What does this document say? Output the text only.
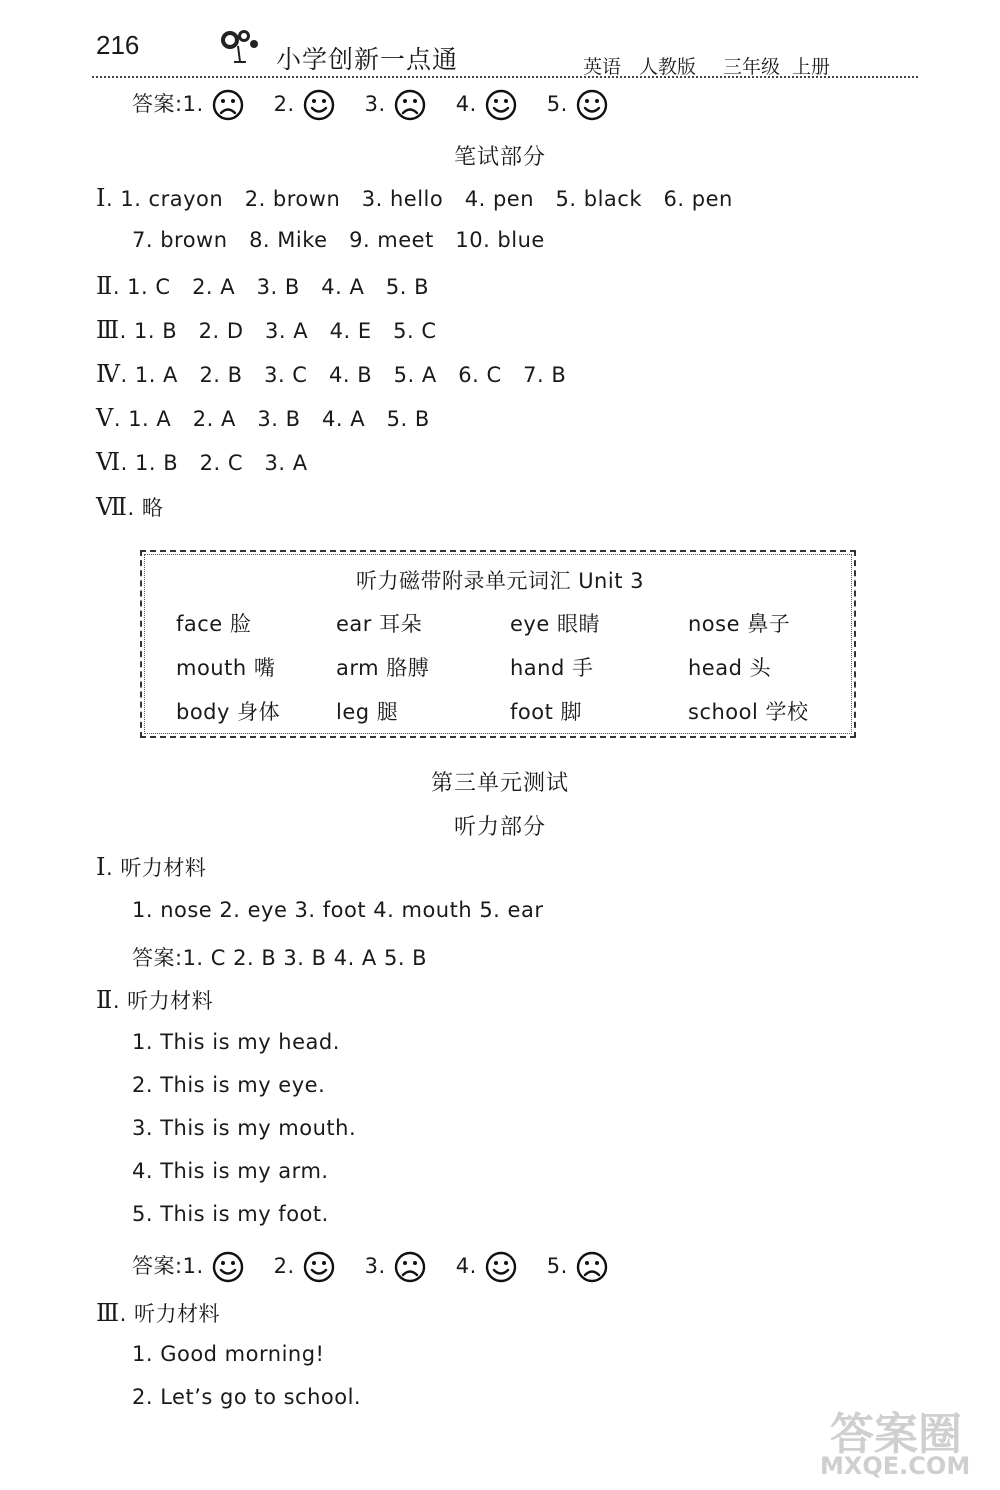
216	小学创新一点通	英语 人教版 三年级 上册
答案:1.	2.	3.	4.	5.
笔试部分
Ⅰ. 1. crayon   2. brown   3. hello   4. pen   5. black   6. pen
7. brown   8. Mike   9. meet   10. blue
Ⅱ. 1. C   2. A   3. B   4. A   5. B
Ⅲ. 1. B   2. D   3. A   4. E   5. C
Ⅳ. 1. A   2. B   3. C   4. B   5. A   6. C   7. B
Ⅴ. 1. A   2. A   3. B   4. A   5. B
Ⅵ. 1. B   2. C   3. A
Ⅶ. 略
听力磁带附录单元词汇 Unit 3
face 脸	ear 耳朵	eye 眼睛	nose 鼻子
mouth 嘴	arm 胳膊	hand 手	head 头
body 身体	leg 腿	foot 脚	school 学校
第三单元测试
听力部分
Ⅰ. 听力材料
1. nose 2. eye 3. foot 4. mouth 5. ear
答案:1. C 2. B 3. B 4. A 5. B
Ⅱ. 听力材料
1. This is my head.
2. This is my eye.
3. This is my mouth.
4. This is my arm.
5. This is my foot.
答案:1.	2.	3.	4.	5.
Ⅲ. 听力材料
1. Good morning!
2. Let’s go to school.
答案圈
MXQE.COM
